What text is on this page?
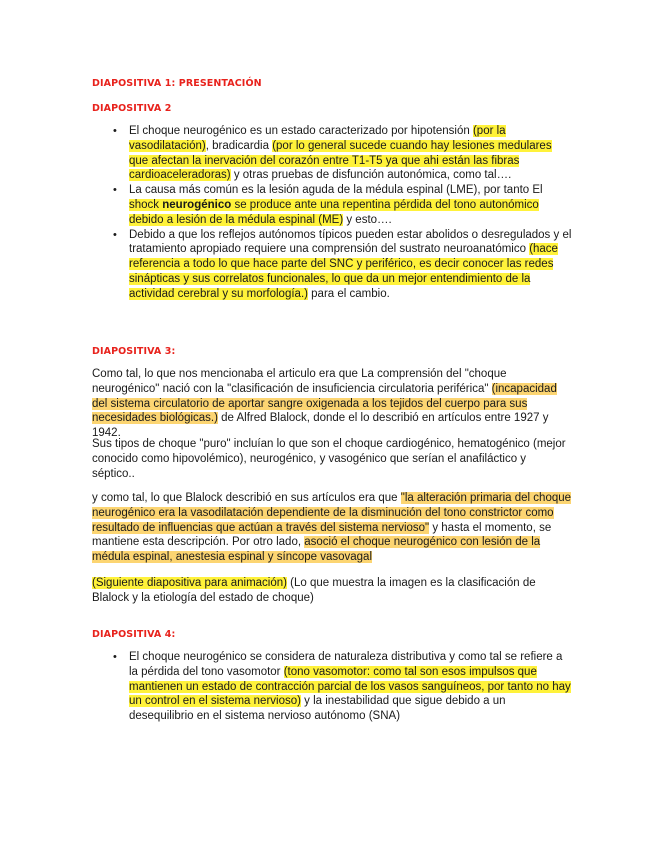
DIAPOSITIVA 1: PRESENTACIÓN
DIAPOSITIVA 2
• El choque neurogénico es un estado caracterizado por hipotensión (por la vasodilatación), bradicardia (por lo general sucede cuando hay lesiones medulares que afectan la inervación del corazón entre T1-T5 ya que ahi están las fibras cardioaceleradoras) y otras pruebas de disfunción autonómica, como tal….
• La causa más común es la lesión aguda de la médula espinal (LME), por tanto El shock neurogénico se produce ante una repentina pérdida del tono autonómico debido a lesión de la médula espinal (ME) y esto….
• Debido a que los reflejos autónomos típicos pueden estar abolidos o desregulados y el tratamiento apropiado requiere una comprensión del sustrato neuroanatómico (hace referencia a todo lo que hace parte del SNC y periférico, es decir conocer las redes sinápticas y sus correlatos funcionales, lo que da un mejor entendimiento de la actividad cerebral y su morfología.) para el cambio.
DIAPOSITIVA 3:
Como tal, lo que nos mencionaba el articulo era que La comprensión del "choque neurogénico" nació con la "clasificación de insuficiencia circulatoria periférica" (incapacidad del sistema circulatorio de aportar sangre oxigenada a los tejidos del cuerpo para sus necesidades biológicas.) de Alfred Blalock, donde el lo describió en artículos entre 1927 y 1942.
Sus tipos de choque "puro" incluían lo que son el choque cardiogénico, hematogénico (mejor conocido como hipovolémico), neurogénico, y vasogénico que serían el anafiláctico y séptico..
y como tal, lo que Blalock describió en sus artículos era que "la alteración primaria del choque neurogénico era la vasodilatación dependiente de la disminución del tono constrictor como resultado de influencias que actúan a través del sistema nervioso" y hasta el momento, se mantiene esta descripción. Por otro lado, asoció el choque neurogénico con lesión de la médula espinal, anestesia espinal y síncope vasovagal
(Siguiente diapositiva para animación) (Lo que muestra la imagen es la clasificación de Blalock y la etiología del estado de choque)
DIAPOSITIVA 4:
• El choque neurogénico se considera de naturaleza distributiva y como tal se refiere a la pérdida del tono vasomotor (tono vasomotor: como tal son esos impulsos que mantienen un estado de contracción parcial de los vasos sanguíneos, por tanto no hay un control en el sistema nervioso) y la inestabilidad que sigue debido a un desequilibrio en el sistema nervioso autónomo (SNA)
